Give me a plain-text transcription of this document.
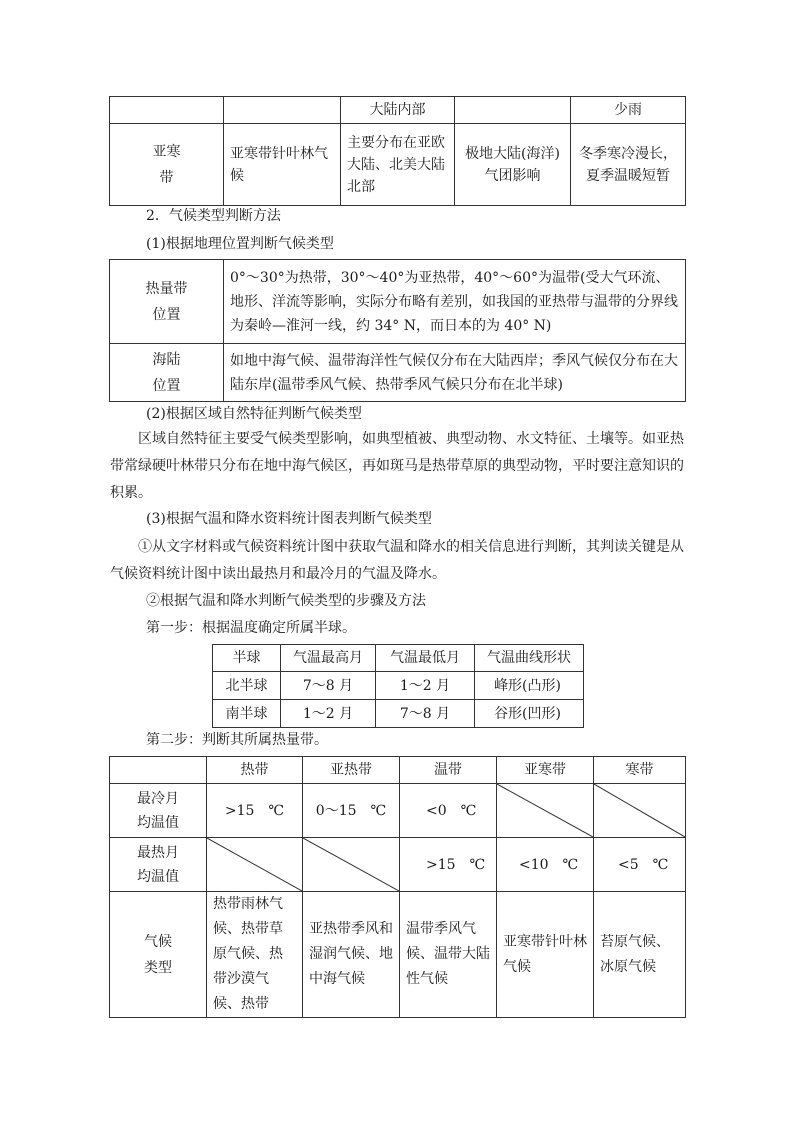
		大陆内部		少雨
亚寒
带	亚寒带针叶林气候	主要分布在亚欧大陆、北美大陆北部	极地大陆(海洋)气团影响	冬季寒冷漫长，夏季温暖短暂
2．气候类型判断方法
(1)根据地理位置判断气候类型
热量带
位置	0°～30°为热带，30°～40°为亚热带，40°～60°为温带(受大气环流、地形、洋流等影响，实际分布略有差别，如我国的亚热带与温带的分界线为秦岭—淮河一线，约 34° N，而日本的为 40° N)
海陆
位置	如地中海气候、温带海洋性气候仅分布在大陆西岸；季风气候仅分布在大陆东岸(温带季风气候、热带季风气候只分布在北半球)
(2)根据区域自然特征判断气候类型

区域自然特征主要受气候类型影响，如典型植被、典型动物、水文特征、土壤等。如亚热带常绿硬叶林带只分布在地中海气候区，再如斑马是热带草原的典型动物，平时要注意知识的积累。

(3)根据气温和降水资料统计图表判断气候类型

①从文字材料或气候资料统计图中获取气温和降水的相关信息进行判断，其判读关键是从气候资料统计图中读出最热月和最冷月的气温及降水。

②根据气温和降水判断气候类型的步骤及方法
第一步：根据温度确定所属半球。
半球	气温最高月	气温最低月	气温曲线形状
北半球	7～8 月	1～2 月	峰形(凸形)
南半球	1～2 月	7～8 月	谷形(凹形)
第二步：判断其所属热量带。
	热带	亚热带	温带	亚寒带	寒带
最冷月
均温值	>15　℃	0～15　℃	<0　℃	

最热月
均温值			>15　℃	<10　℃	<5　℃
气候
类型	热带雨林气候、热带草原气候、热带沙漠气候、热带	亚热带季风和湿润气候、地中海气候	温带季风气候、温带大陆性气候	亚寒带针叶林气候	苔原气候、冰原气候
